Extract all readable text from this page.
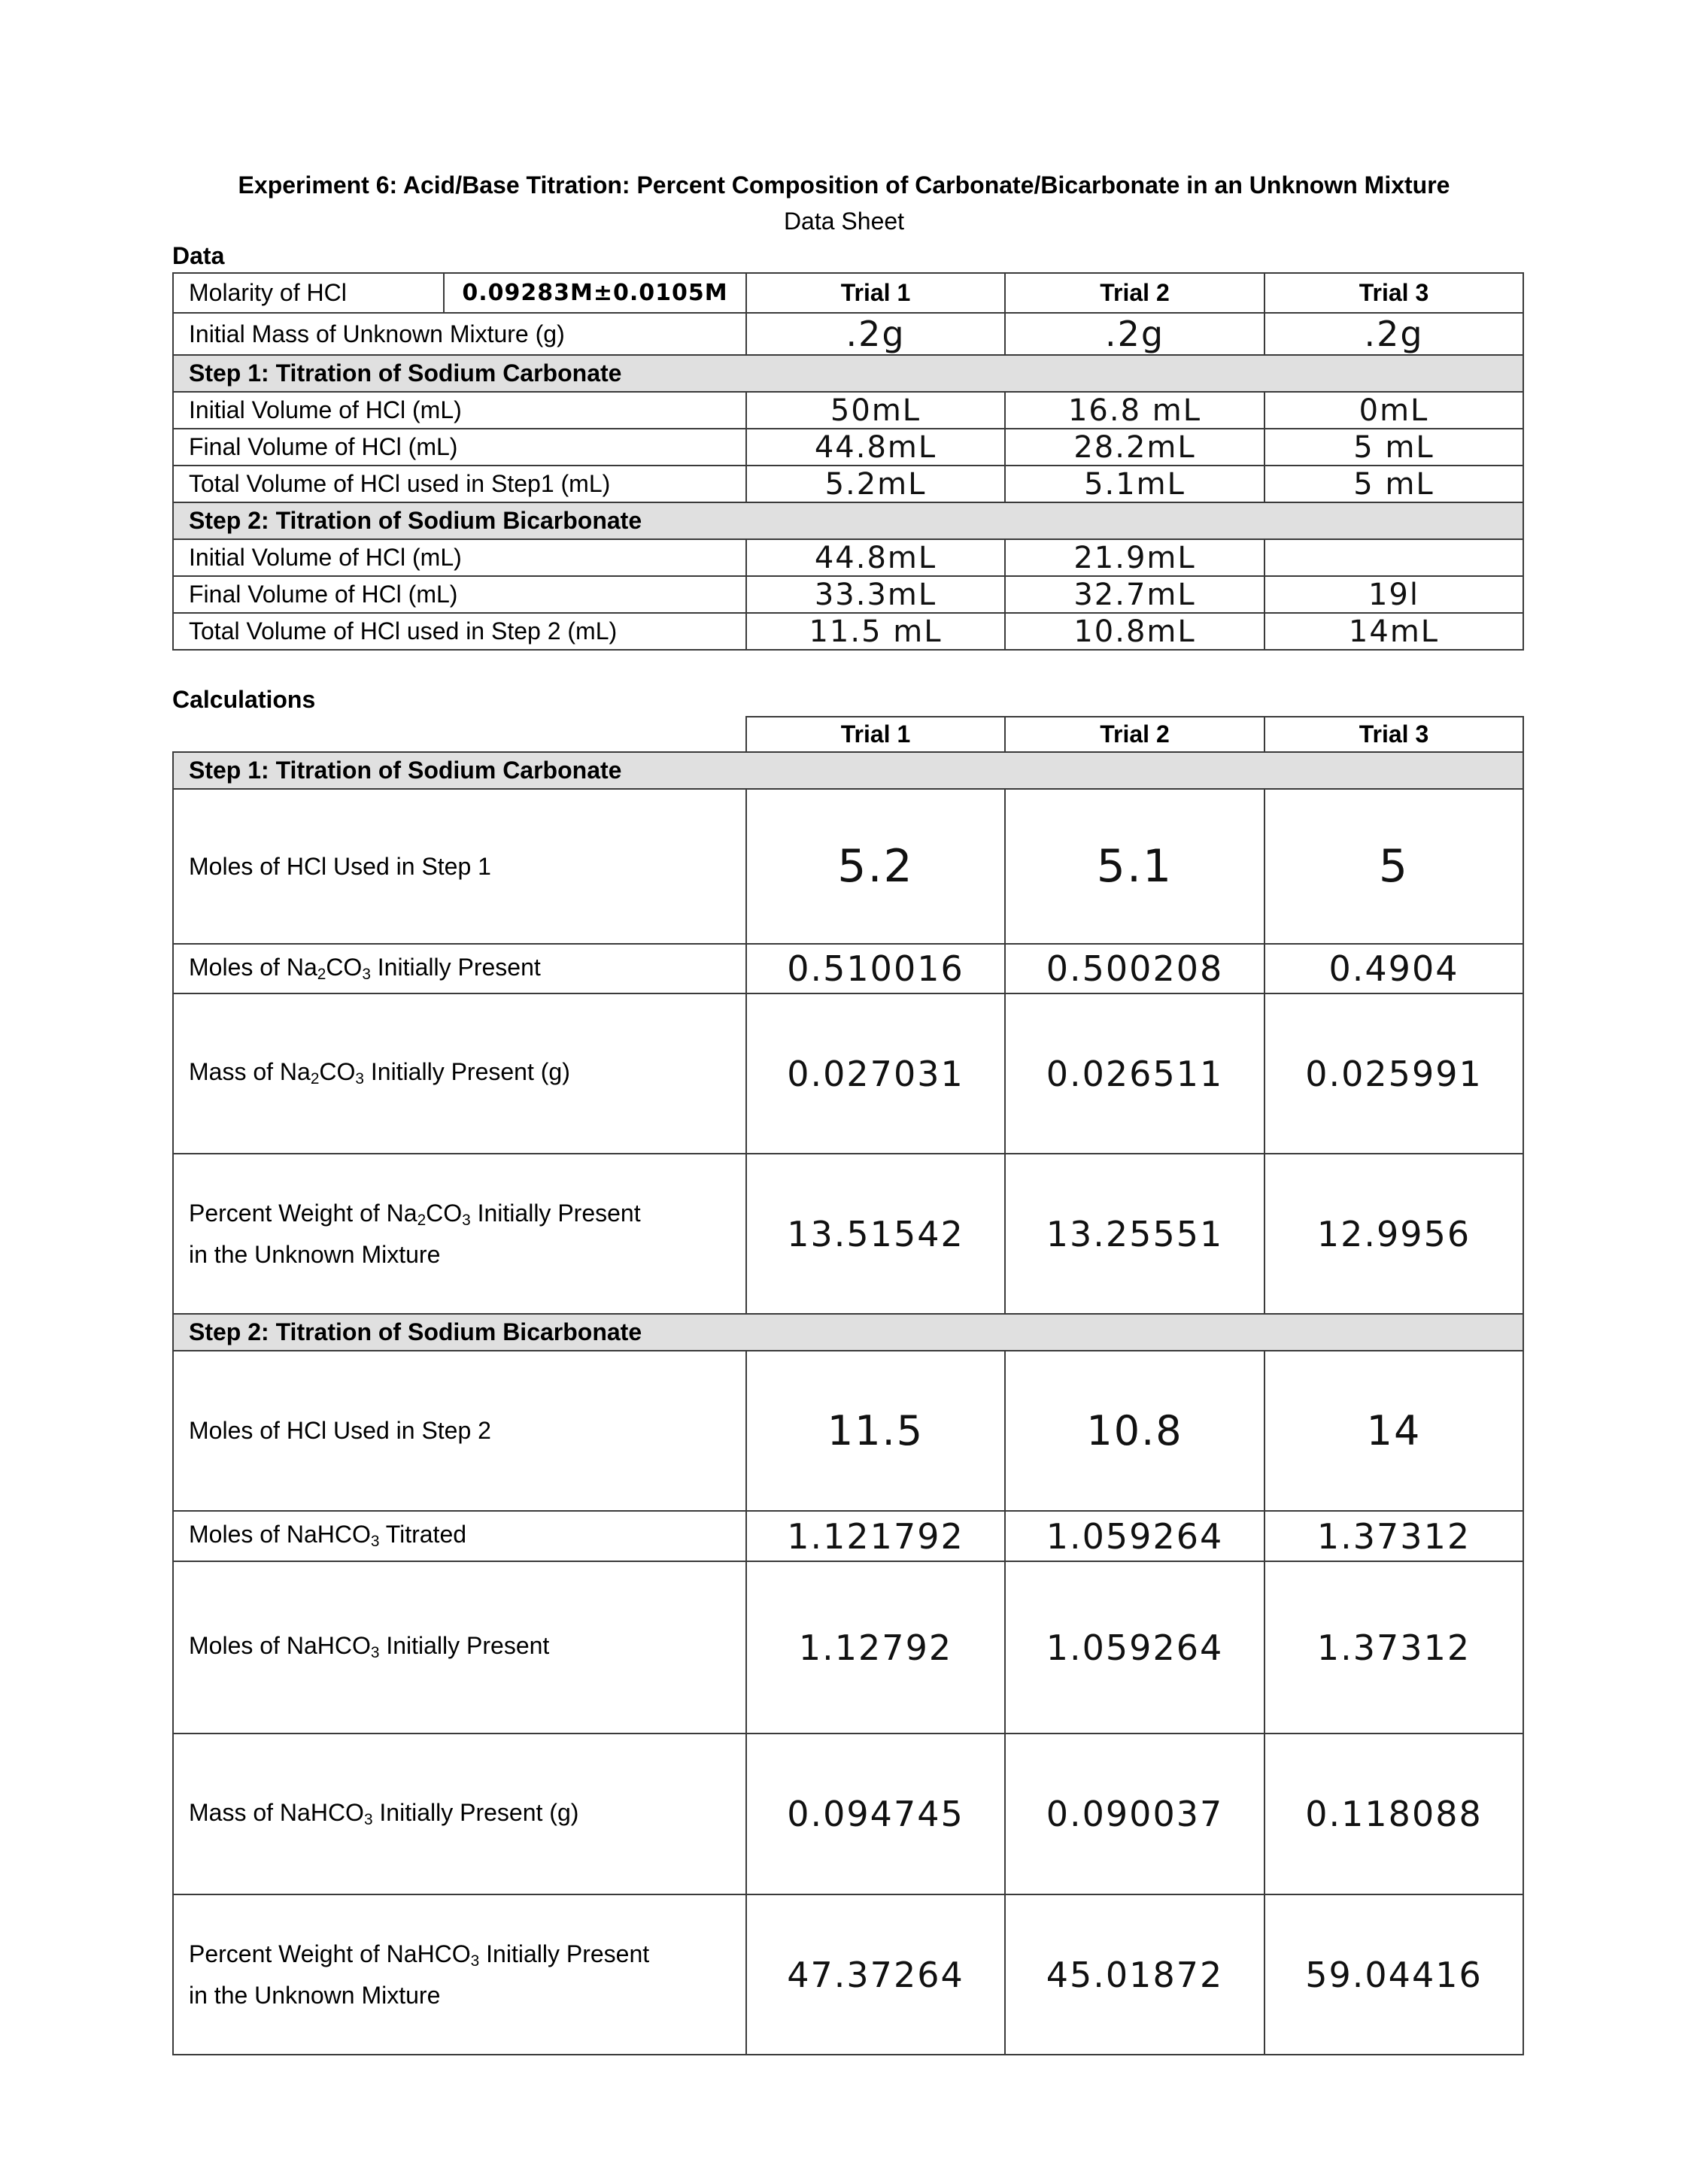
Experiment 6: Acid/Base Titration: Percent Composition of Carbonate/Bicarbonate in an Unknown Mixture
Data Sheet
Data
Molarity of HCl	0.09283M±0.0105M	Trial 1	Trial 2	Trial 3
Initial Mass of Unknown Mixture (g)		.2g	.2g	.2g
Step 1: Titration of Sodium Carbonate				
Initial Volume of HCl (mL)		50mL	16.8 mL	0mL
Final Volume of HCl (mL)		44.8mL	28.2mL	5 mL
Total Volume of HCl used in Step1 (mL)		5.2mL	5.1mL	5 mL
Step 2: Titration of Sodium Bicarbonate				
Initial Volume of HCl (mL)		44.8mL	21.9mL	
Final Volume of HCl (mL)		33.3mL	32.7mL	19l
Total Volume of HCl used in Step 2 (mL)		11.5 mL	10.8mL	14mL
Calculations
	Trial 1	Trial 2	Trial 3
Step 1: Titration of Sodium Carbonate			
Moles of HCl Used in Step 1	5.2	5.1	5
Moles of $Na_2CO_3$ Initially Present	0.510016	0.500208	0.4904
Mass of $Na_2CO_3$ Initially Present (g)	0.027031	0.026511	0.025991
Percent Weight of $Na_2CO_3$ Initially Present
in the Unknown Mixture	13.51542	13.25551	12.9956
Step 2: Titration of Sodium Bicarbonate			
Moles of HCl Used in Step 2	11.5	10.8	14
Moles of NaHCO$_3$ Titrated	1.121792	1.059264	1.37312
Moles of NaHCO$_3$ Initially Present	1.12792	1.059264	1.37312
Mass of NaHCO$_3$ Initially Present (g)	0.094745	0.090037	0.118088
Percent Weight of NaHCO$_3$ Initially Present
in the Unknown Mixture	47.37264	45.01872	59.04416
